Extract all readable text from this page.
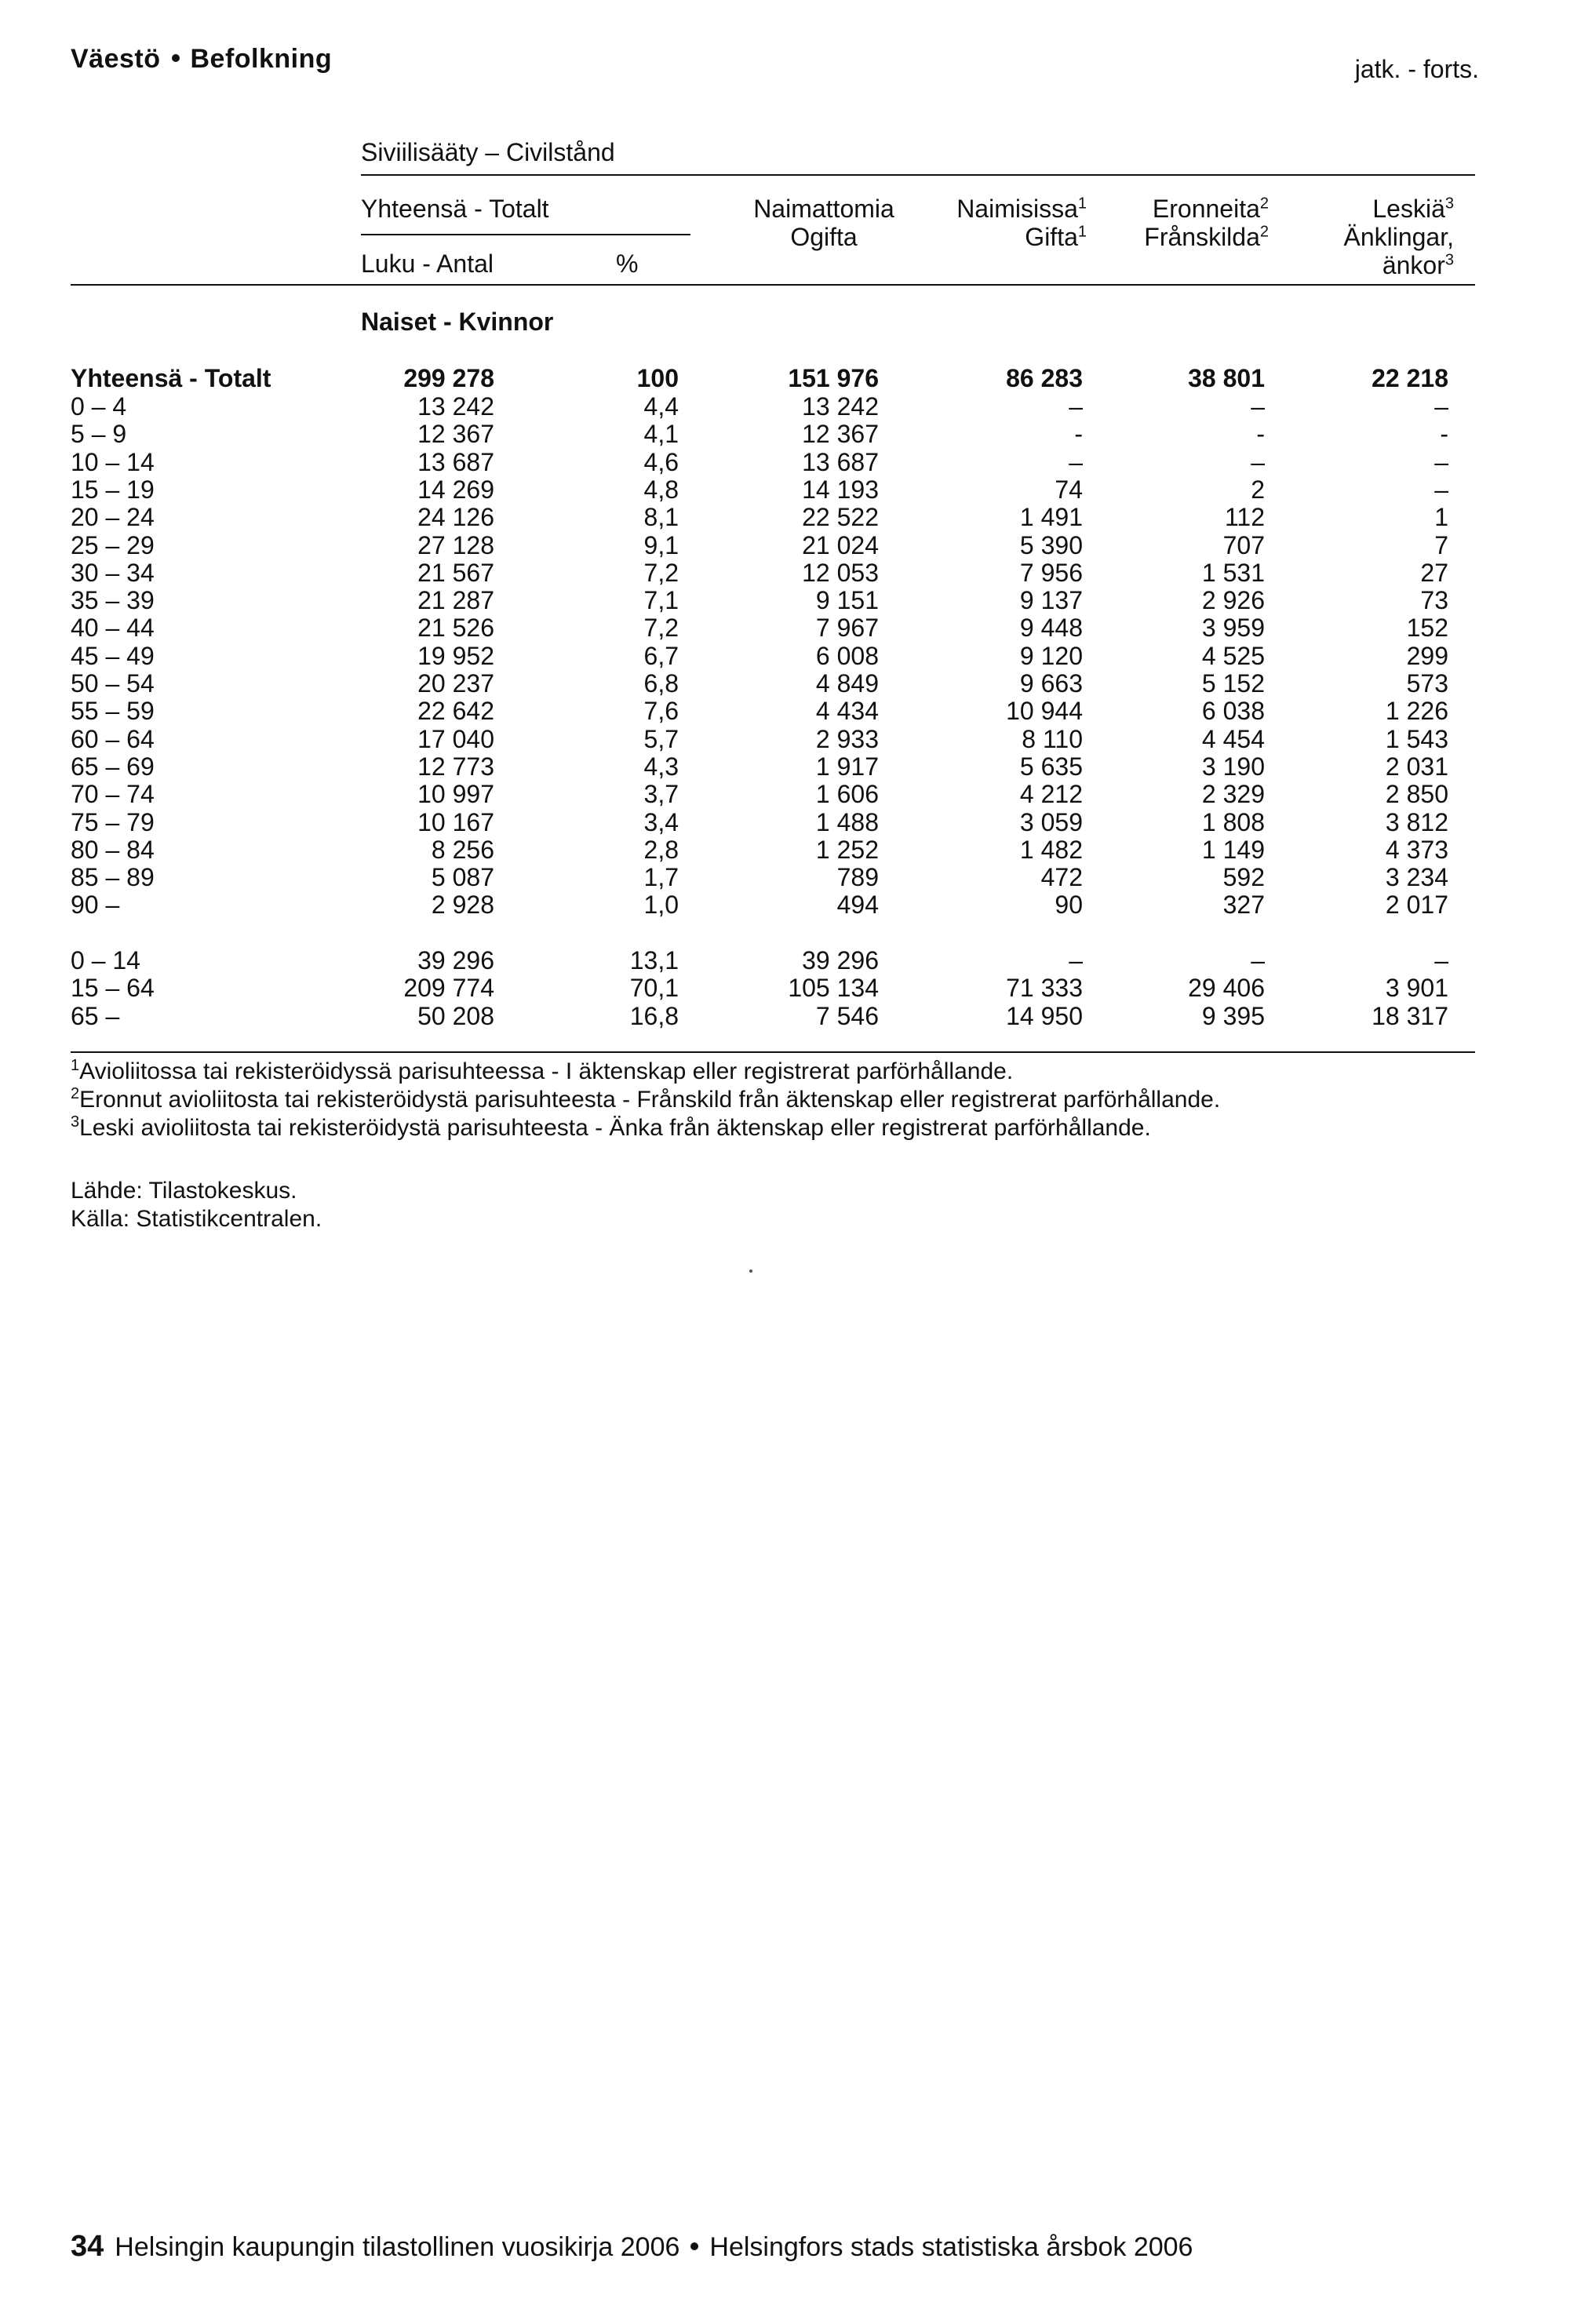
Väestö Befolkning	jatk. - forts.
Siviilisääty – Civilstånd
Yhteensä - Totalt
Luku - Antal	%
Naimattomia
Ogifta
Naimisissa$^1$
Gifta$^1$
Eronneita$^2$
Frånskilda$^2$
Leskiä$^3$
Änklingar,
änkor$^3$
Naiset - Kvinnor
Yhteensä - Totalt	299 278	100	151 976	86 283	38 801	22 218
0 – 4	13 242	4,4	13 242	–	–	–
5 – 9	12 367	4,1	12 367	-	-	-
10 – 14	13 687	4,6	13 687	–	–	–
15 – 19	14 269	4,8	14 193	74	2	–
20 – 24	24 126	8,1	22 522	1 491	112	1
25 – 29	27 128	9,1	21 024	5 390	707	7
30 – 34	21 567	7,2	12 053	7 956	1 531	27
35 – 39	21 287	7,1	9 151	9 137	2 926	73
40 – 44	21 526	7,2	7 967	9 448	3 959	152
45 – 49	19 952	6,7	6 008	9 120	4 525	299
50 – 54	20 237	6,8	4 849	9 663	5 152	573
55 – 59	22 642	7,6	4 434	10 944	6 038	1 226
60 – 64	17 040	5,7	2 933	8 110	4 454	1 543
65 – 69	12 773	4,3	1 917	5 635	3 190	2 031
70 – 74	10 997	3,7	1 606	4 212	2 329	2 850
75 – 79	10 167	3,4	1 488	3 059	1 808	3 812
80 – 84	8 256	2,8	1 252	1 482	1 149	4 373
85 – 89	5 087	1,7	789	472	592	3 234
90 –	2 928	1,0	494	90	327	2 017
0 – 14	39 296	13,1	39 296	–	–	–
15 – 64	209 774	70,1	105 134	71 333	29 406	3 901
65 –	50 208	16,8	7 546	14 950	9 395	18 317
$^1$Avioliitossa tai rekisteröidyssä parisuhteessa - I äktenskap eller registrerat parförhållande.
$^2$Eronnut avioliitosta tai rekisteröidystä parisuhteesta - Frånskild från äktenskap eller registrerat parförhållande.
$^3$Leski avioliitosta tai rekisteröidystä parisuhteesta - Änka från äktenskap eller registrerat parförhållande.
Lähde: Tilastokeskus.
Källa: Statistikcentralen.
34 Helsingin kaupungin tilastollinen vuosikirja 2006 Helsingfors stads statistiska årsbok 2006
